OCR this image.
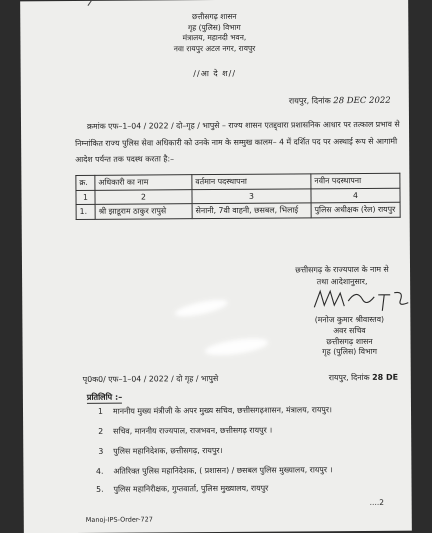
छत्तीसगढ़ शासन
गृह (पुलिस) विभाग
मंत्रालय, महानदी भवन,
नवा रायपुर अटल नगर, रायपुर
//आ दे श//
रायपुर, दिनांक 28 DEC 2022
क्रमांक एफ–1–04 / 2022 / दो–गृह / भापुसे – राज्य शासन एतद्द्वारा प्रशासनिक आधार पर तत्काल प्रभाव से निम्नांकित राज्य पुलिस सेवा अधिकारी को उनके नाम के सम्मुख कालम– 4 में दर्शित पद पर अस्थाई रूप से आगामी आदेश पर्यन्त तक पदस्थ करता है:–
क्र.	अधिकारी का नाम	वर्तमान पदस्थापना	नवीन पदस्थापना
1	2	3	4
1.	श्री झाडूराम ठाकुर रापुसे	सेनानी, 7वी वाहनी, छसबल, भिलाई	पुलिस अधीक्षक (रेल) रायपुर
छत्तीसगढ़ के राज्यपाल के नाम से
तथा आदेशानुसार,
(मनोज कुमार श्रीवास्तव)
अवर सचिव
छत्तीसगढ़ शासन
गृह (पुलिस) विभाग
पृ0क0/ एफ–1–04 / 2022 / दो गृह / भापुसे	रायपुर, दिनांक 28 DE
प्रतिलिपि :–
1 माननीय मुख्य मंत्रीजी के अपर मुख्य सचिव, छत्तीसगढ़शासन, मंत्रालय, रायपुर।
2 सचिव, माननीय राज्यपाल, राजभवन, छत्तीसगढ़ रायपुर ।
3 पुलिस महानिदेशक, छत्तीसगढ़, रायपुर।
4. अतिरिक्त पुलिस महानिदेशक, ( प्रशासन) / छसबल पुलिस मुख्यालय, रायपुर ।
5. पुलिस महानिरीक्षक, गुप्तवार्ता, पुलिस मुख्यालय, रायपुर
....2
Manoj-IPS-Order-727
